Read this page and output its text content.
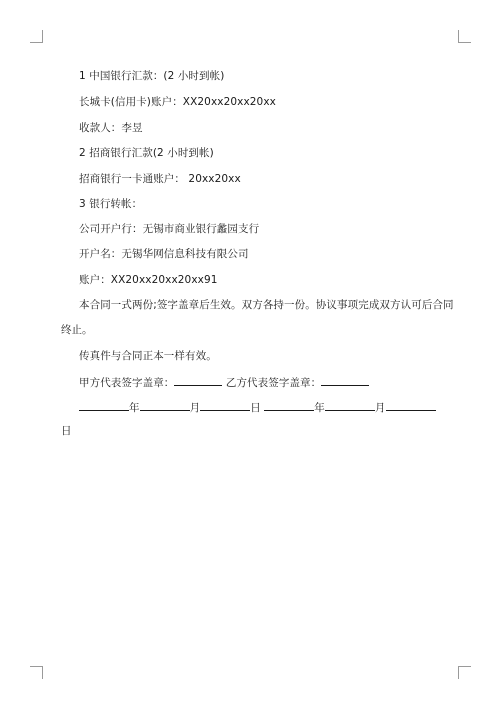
1 中国银行汇款：(2 小时到帐)
长城卡(信用卡)账户：XX20xx20xx20xx
收款人：李昱
2 招商银行汇款(2 小时到帐)
招商银行一卡通账户： 20xx20xx
3 银行转帐：
公司开户行：无锡市商业银行蠡园支行
开户名：无锡华网信息科技有限公司
账户：XX20xx20xx20xx91
本合同一式两份;签字盖章后生效。双方各持一份。协议事项完成双方认可后合同
终止。
传真件与合同正本一样有效。
甲方代表签字盖章：	乙方代表签字盖章：
年	月	日	年	月
日
